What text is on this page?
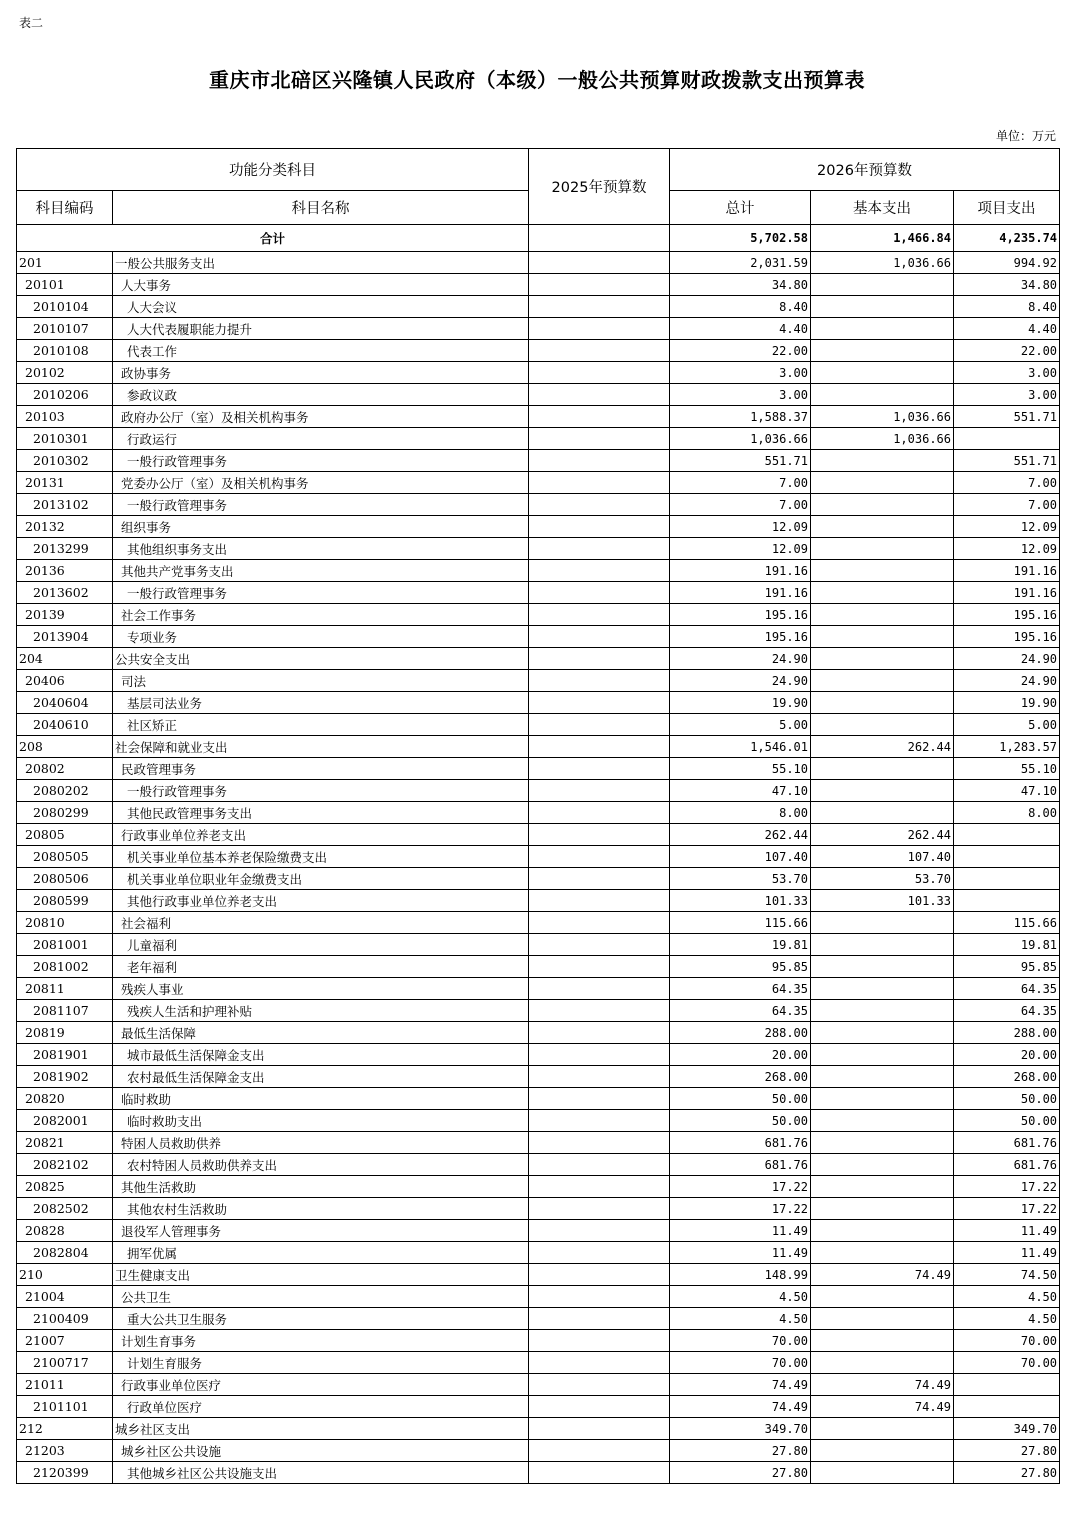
表二
重庆市北碚区兴隆镇人民政府（本级）一般公共预算财政拨款支出预算表
单位：万元
功能分类科目		2025年预算数	2026年预算数		
科目编码	科目名称		总计	基本支出	项目支出
合计			5,702.58	1,466.84	4,235.74
201	一般公共服务支出		2,031.59	1,036.66	994.92
20101	人大事务		34.80		34.80
2010104	人大会议		8.40		8.40
2010107	人大代表履职能力提升		4.40		4.40
2010108	代表工作		22.00		22.00
20102	政协事务		3.00		3.00
2010206	参政议政		3.00		3.00
20103	政府办公厅（室）及相关机构事务		1,588.37	1,036.66	551.71
2010301	行政运行		1,036.66	1,036.66	
2010302	一般行政管理事务		551.71		551.71
20131	党委办公厅（室）及相关机构事务		7.00		7.00
2013102	一般行政管理事务		7.00		7.00
20132	组织事务		12.09		12.09
2013299	其他组织事务支出		12.09		12.09
20136	其他共产党事务支出		191.16		191.16
2013602	一般行政管理事务		191.16		191.16
20139	社会工作事务		195.16		195.16
2013904	专项业务		195.16		195.16
204	公共安全支出		24.90		24.90
20406	司法		24.90		24.90
2040604	基层司法业务		19.90		19.90
2040610	社区矫正		5.00		5.00
208	社会保障和就业支出		1,546.01	262.44	1,283.57
20802	民政管理事务		55.10		55.10
2080202	一般行政管理事务		47.10		47.10
2080299	其他民政管理事务支出		8.00		8.00
20805	行政事业单位养老支出		262.44	262.44	
2080505	机关事业单位基本养老保险缴费支出		107.40	107.40	
2080506	机关事业单位职业年金缴费支出		53.70	53.70	
2080599	其他行政事业单位养老支出		101.33	101.33	
20810	社会福利		115.66		115.66
2081001	儿童福利		19.81		19.81
2081002	老年福利		95.85		95.85
20811	残疾人事业		64.35		64.35
2081107	残疾人生活和护理补贴		64.35		64.35
20819	最低生活保障		288.00		288.00
2081901	城市最低生活保障金支出		20.00		20.00
2081902	农村最低生活保障金支出		268.00		268.00
20820	临时救助		50.00		50.00
2082001	临时救助支出		50.00		50.00
20821	特困人员救助供养		681.76		681.76
2082102	农村特困人员救助供养支出		681.76		681.76
20825	其他生活救助		17.22		17.22
2082502	其他农村生活救助		17.22		17.22
20828	退役军人管理事务		11.49		11.49
2082804	拥军优属		11.49		11.49
210	卫生健康支出		148.99	74.49	74.50
21004	公共卫生		4.50		4.50
2100409	重大公共卫生服务		4.50		4.50
21007	计划生育事务		70.00		70.00
2100717	计划生育服务		70.00		70.00
21011	行政事业单位医疗		74.49	74.49	
2101101	行政单位医疗		74.49	74.49	
212	城乡社区支出		349.70		349.70
21203	城乡社区公共设施		27.80		27.80
2120399	其他城乡社区公共设施支出		27.80		27.80
